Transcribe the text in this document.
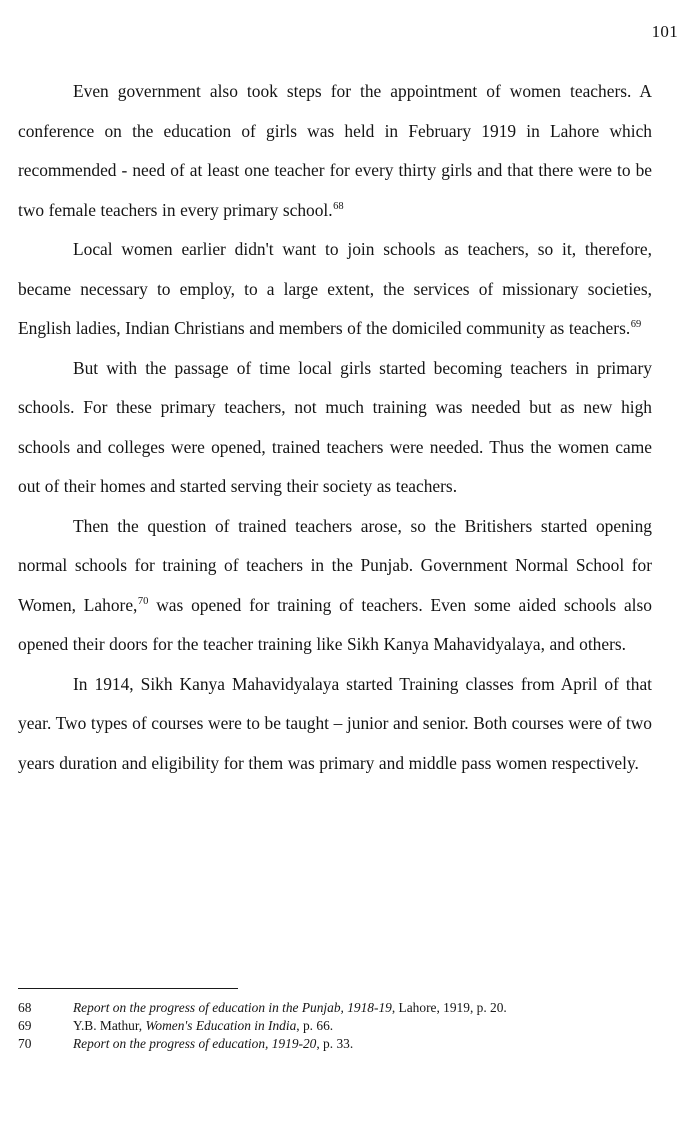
101

Even government also took steps for the appointment of women teachers. A conference on the education of girls was held in February 1919 in Lahore which recommended - need of at least one teacher for every thirty girls and that there were to be two female teachers in every primary school.$^{68}$

Local women earlier didn't want to join schools as teachers, so it, therefore, became necessary to employ, to a large extent, the services of missionary societies, English ladies, Indian Christians and members of the domiciled community as teachers.$^{69}$

But with the passage of time local girls started becoming teachers in primary schools. For these primary teachers, not much training was needed but as new high schools and colleges were opened, trained teachers were needed. Thus the women came out of their homes and started serving their society as teachers.

Then the question of trained teachers arose, so the Britishers started opening normal schools for training of teachers in the Punjab. Government Normal School for Women, Lahore,$^{70}$ was opened for training of teachers. Even some aided schools also opened their doors for the teacher training like Sikh Kanya Mahavidyalaya, and others.

In 1914, Sikh Kanya Mahavidyalaya started Training classes from April of that year. Two types of courses were to be taught – junior and senior. Both courses were of two years duration and eligibility for them was primary and middle pass women respectively.

68	Report on the progress of education in the Punjab, 1918-19, Lahore, 1919, p. 20.
69	Y.B. Mathur, Women's Education in India, p. 66.
70	Report on the progress of education, 1919-20, p. 33.
